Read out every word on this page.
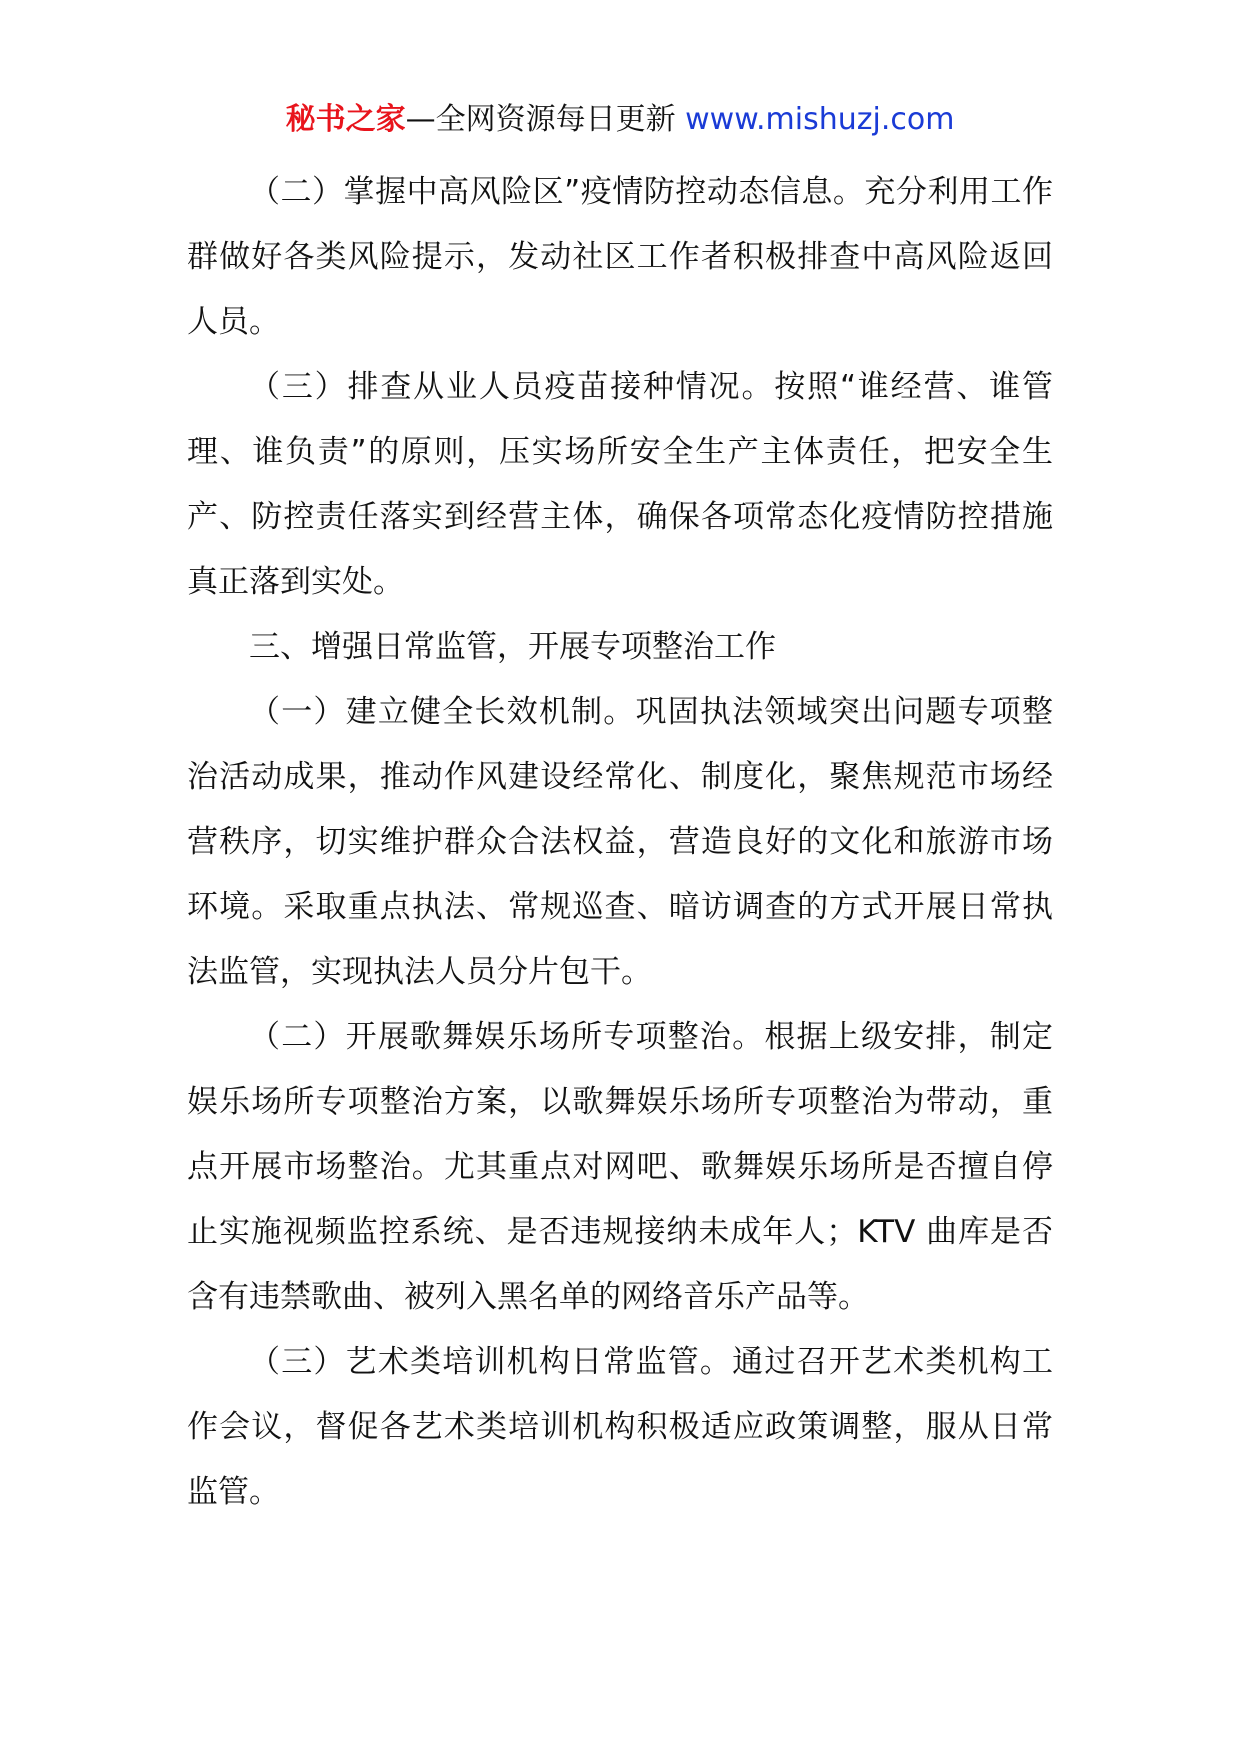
秘书之家—全网资源每日更新 www.mishuzj.com

（二）掌握中高风险区”疫情防控动态信息。充分利用工作群做好各类风险提示，发动社区工作者积极排查中高风险返回人员。

（三）排查从业人员疫苗接种情况。按照“谁经营、谁管理、谁负责”的原则，压实场所安全生产主体责任，把安全生产、防控责任落实到经营主体，确保各项常态化疫情防控措施真正落到实处。

三、增强日常监管，开展专项整治工作

（一）建立健全长效机制。巩固执法领域突出问题专项整治活动成果，推动作风建设经常化、制度化，聚焦规范市场经营秩序，切实维护群众合法权益，营造良好的文化和旅游市场环境。采取重点执法、常规巡查、暗访调查的方式开展日常执法监管，实现执法人员分片包干。

（二）开展歌舞娱乐场所专项整治。根据上级安排，制定娱乐场所专项整治方案，以歌舞娱乐场所专项整治为带动，重点开展市场整治。尤其重点对网吧、歌舞娱乐场所是否擅自停止实施视频监控系统、是否违规接纳未成年人；KTV 曲库是否含有违禁歌曲、被列入黑名单的网络音乐产品等。

（三）艺术类培训机构日常监管。通过召开艺术类机构工作会议，督促各艺术类培训机构积极适应政策调整，服从日常监管。
